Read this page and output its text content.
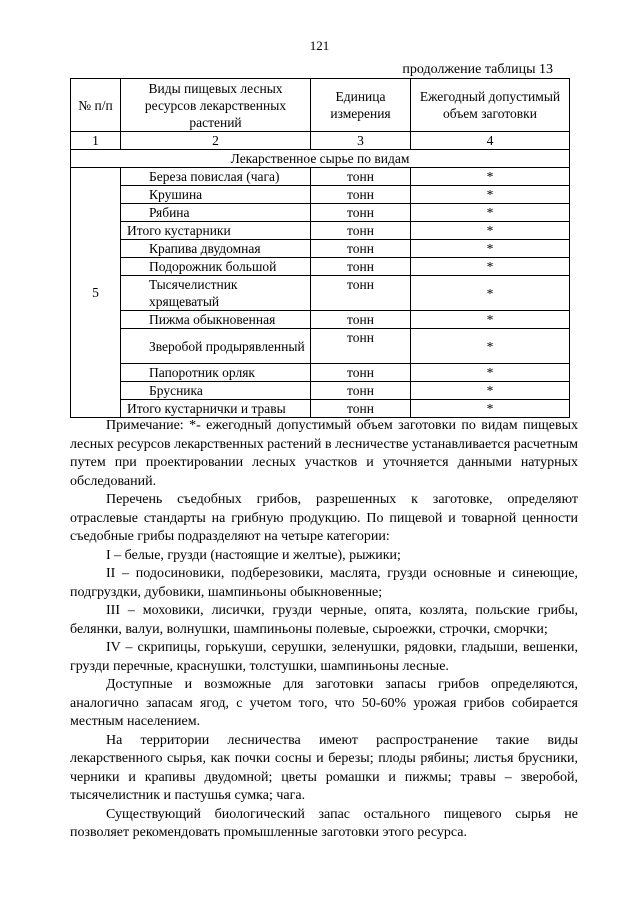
121
продолжение таблицы 13
№ п/п	Виды пищевых лесных ресурсов лекарственных растений	Единица измерения	Ежегодный допустимый объем заготовки
1	2	3	4
Лекарственное сырье по видам			
5	Береза повислая (чага)	тонн	*
	Крушина	тонн	*
	Рябина	тонн	*
	Итого кустарники	тонн	*
	Крапива двудомная	тонн	*
	Подорожник большой	тонн	*
	Тысячелистник хрящеватый	тонн	*
	Пижма обыкновенная	тонн	*
	Зверобой продырявленный	тонн	*
	Папоротник орляк	тонн	*
	Брусника	тонн	*
	Итого кустарнички и травы	тонн	*

Примечание: *- ежегодный допустимый объем заготовки по видам пищевых лесных ресурсов лекарственных растений в лесничестве устанавливается расчетным путем при проектировании лесных участков и уточняется данными натурных обследований.

Перечень съедобных грибов, разрешенных к заготовке, определяют отраслевые стандарты на грибную продукцию. По пищевой и товарной ценности съедобные грибы подразделяют на четыре категории:

I – белые, грузди (настоящие и желтые), рыжики;

II – подосиновики, подберезовики, маслята, грузди основные и синеющие, подгруздки, дубовики, шампиньоны обыкновенные;

III – моховики, лисички, грузди черные, опята, козлята, польские грибы, белянки, валуи, волнушки, шампиньоны полевые, сыроежки, строчки, сморчки;

IV – скрипицы, горькуши, серушки, зеленушки, рядовки, гладыши, вешенки, грузди перечные, краснушки, толстушки, шампиньоны лесные.

Доступные и возможные для заготовки запасы грибов определяются, аналогично запасам ягод, с учетом того, что 50-60% урожая грибов собирается местным населением.

На территории лесничества имеют распространение такие виды лекарственного сырья, как почки сосны и березы; плоды рябины; листья брусники, черники и крапивы двудомной; цветы ромашки и пижмы; травы – зверобой, тысячелистник и пастушья сумка; чага.

Существующий биологический запас остального пищевого сырья не позволяет рекомендовать промышленные заготовки этого ресурса.
